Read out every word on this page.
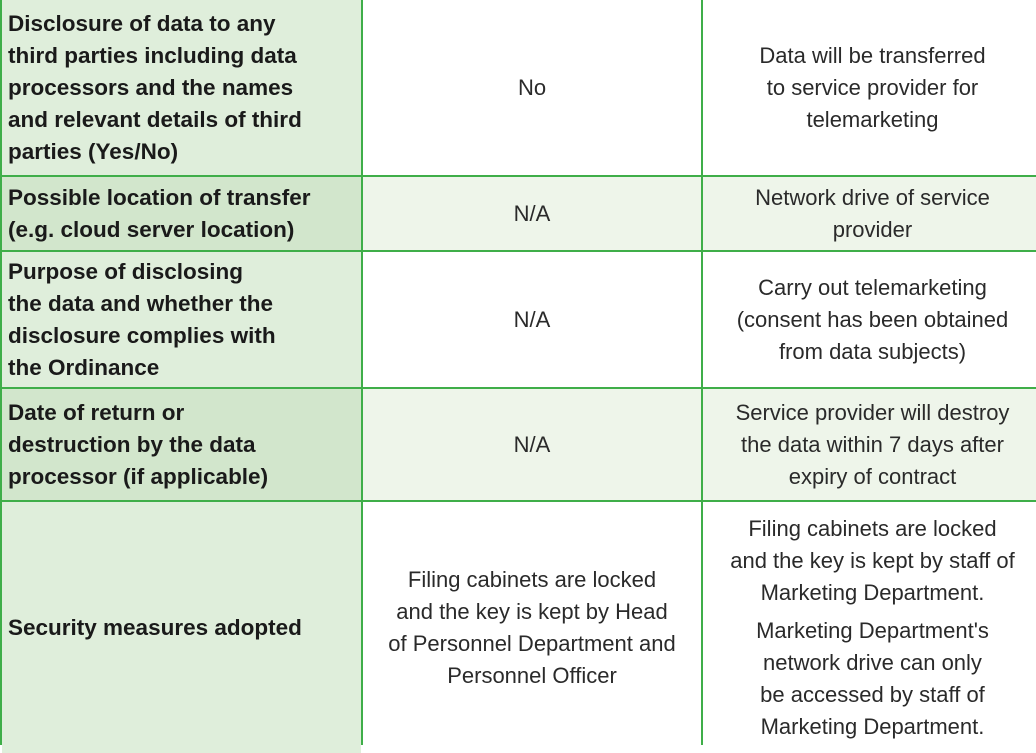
Disclosure of data to any
third parties including data
processors and the names
and relevant details of third
parties (Yes/No)

No

Data will be transferred
to service provider for
telemarketing

Possible location of transfer
(e.g. cloud server location)

N/A

Network drive of service
provider

Purpose of disclosing
the data and whether the
disclosure complies with
the Ordinance

N/A

Carry out telemarketing
(consent has been obtained
from data subjects)

Date of return or
destruction by the data
processor (if applicable)

N/A

Service provider will destroy
the data within 7 days after
expiry of contract

Security measures adopted

Filing cabinets are locked
and the key is kept by Head
of Personnel Department and
Personnel Officer

Filing cabinets are locked
and the key is kept by staff of
Marketing Department.

Marketing Department's
network drive can only
be accessed by staff of
Marketing Department.
